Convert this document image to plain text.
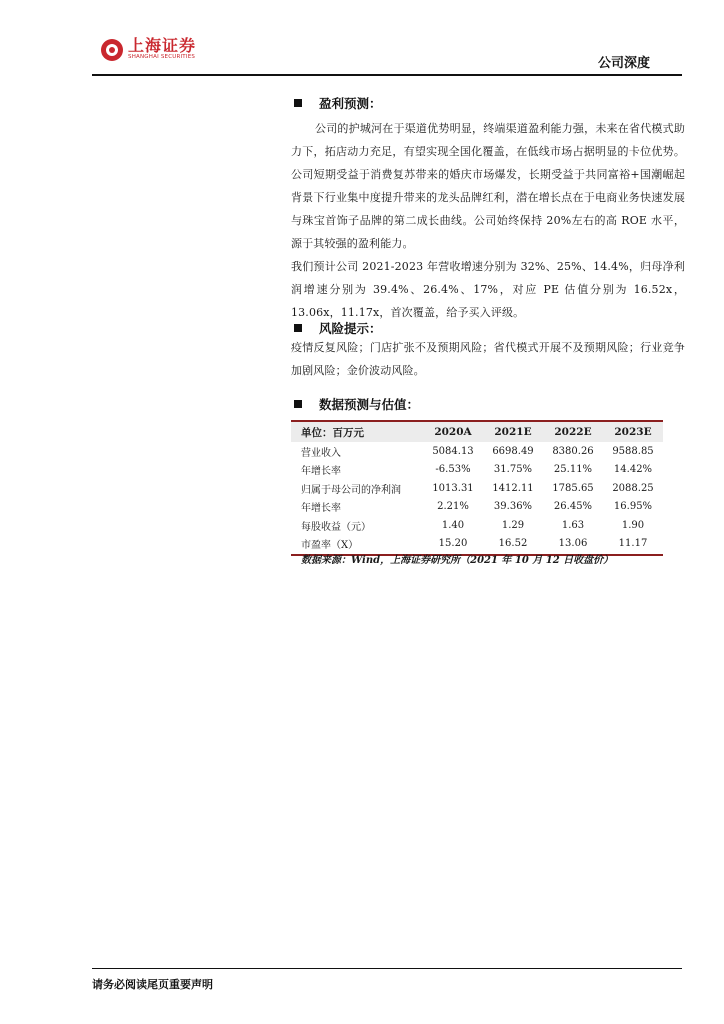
上海证券
SHANGHAI SECURITIES	公司深度
盈利预测：

公司的护城河在于渠道优势明显，终端渠道盈利能力强，未来在省代模式助力下，拓店动力充足，有望实现全国化覆盖，在低线市场占据明显的卡位优势。公司短期受益于消费复苏带来的婚庆市场爆发，长期受益于共同富裕+国潮崛起背景下行业集中度提升带来的龙头品牌红利，潜在增长点在于电商业务快速发展与珠宝首饰子品牌的第二成长曲线。公司始终保持 20%左右的高 ROE 水平，源于其较强的盈利能力。

我们预计公司 2021-2023 年营收增速分别为 32%、25%、14.4%，归母净利润增速分别为 39.4%、26.4%、17%，对应 PE 估值分别为 16.52x，13.06x，11.17x，首次覆盖，给予买入评级。

风险提示：

疫情反复风险；门店扩张不及预期风险；省代模式开展不及预期风险；行业竞争加剧风险；金价波动风险。

数据预测与估值：
单位：百万元	2020A	2021E	2022E	2023E
营业收入	5084.13	6698.49	8380.26	9588.85
年增长率	-6.53%	31.75%	25.11%	14.42%
归属于母公司的净利润	1013.31	1412.11	1785.65	2088.25
年增长率	2.21%	39.36%	26.45%	16.95%
每股收益（元）	1.40	1.29	1.63	1.90
市盈率（X）	15.20	16.52	13.06	11.17
数据来源：Wind，上海证券研究所（2021 年 10 月 12 日收盘价）
请务必阅读尾页重要声明
